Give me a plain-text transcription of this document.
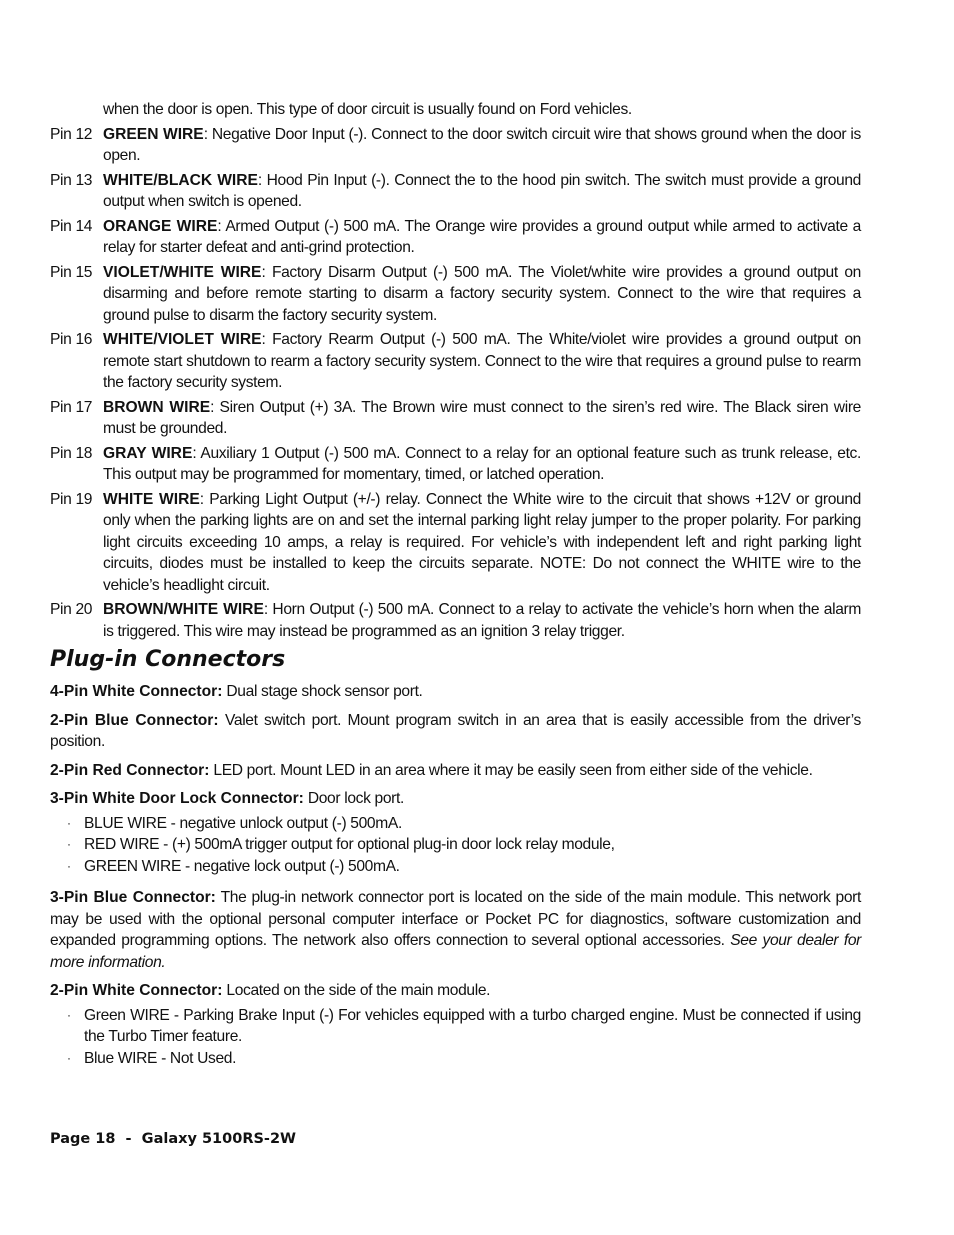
when the door is open. This type of door circuit is usually found on Ford vehicles.
Pin 12 GREEN WIRE: Negative Door Input (-). Connect to the door switch circuit wire that shows ground when the door is open.
Pin 13 WHITE/BLACK WIRE: Hood Pin Input (-). Connect the to the hood pin switch. The switch must provide a ground output when switch is opened.
Pin 14 ORANGE WIRE: Armed Output (-) 500 mA. The Orange wire provides a ground output while armed to activate a relay for starter defeat and anti-grind protection.
Pin 15 VIOLET/WHITE WIRE: Factory Disarm Output (-) 500 mA. The Violet/white wire provides a ground output on disarming and before remote starting to disarm a factory security system. Connect to the wire that requires a ground pulse to disarm the factory security system.
Pin 16 WHITE/VIOLET WIRE: Factory Rearm Output (-) 500 mA. The White/violet wire provides a ground output on remote start shutdown to rearm a factory security system. Connect to the wire that requires a ground pulse to rearm the factory security system.
Pin 17 BROWN WIRE: Siren Output (+) 3A. The Brown wire must connect to the siren’s red wire. The Black siren wire must be grounded.
Pin 18 GRAY WIRE: Auxiliary 1 Output (-) 500 mA. Connect to a relay for an optional feature such as trunk release, etc. This output may be programmed for momentary, timed, or latched operation.
Pin 19 WHITE WIRE: Parking Light Output (+/-) relay. Connect the White wire to the circuit that shows +12V or ground only when the parking lights are on and set the internal parking light relay jumper to the proper polarity. For parking light circuits exceeding 10 amps, a relay is required. For vehicle’s with independent left and right parking light circuits, diodes must be installed to keep the circuits separate. NOTE: Do not connect the WHITE wire to the vehicle’s headlight circuit.
Pin 20 BROWN/WHITE WIRE: Horn Output (-) 500 mA. Connect to a relay to activate the vehicle’s horn when the alarm is triggered. This wire may instead be programmed as an ignition 3 relay trigger.
Plug-in Connectors
4-Pin White Connector: Dual stage shock sensor port.
2-Pin Blue Connector: Valet switch port. Mount program switch in an area that is easily accessible from the driver’s position.
2-Pin Red Connector: LED port. Mount LED in an area where it may be easily seen from either side of the vehicle.
3-Pin White Door Lock Connector: Door lock port.
· BLUE WIRE - negative unlock output (-) 500mA.
· RED WIRE - (+) 500mA trigger output for optional plug-in door lock relay module,
· GREEN WIRE - negative lock output (-) 500mA.
3-Pin Blue Connector: The plug-in network connector port is located on the side of the main module. This network port may be used with the optional personal computer interface or Pocket PC for diagnostics, software customization and expanded programming options. The network also offers connection to several optional accessories. See your dealer for more information.
2-Pin White Connector: Located on the side of the main module.
· Green WIRE - Parking Brake Input (-) For vehicles equipped with a turbo charged engine. Must be connected if using the Turbo Timer feature.
· Blue WIRE - Not Used.
Page 18  -  Galaxy 5100RS-2W
